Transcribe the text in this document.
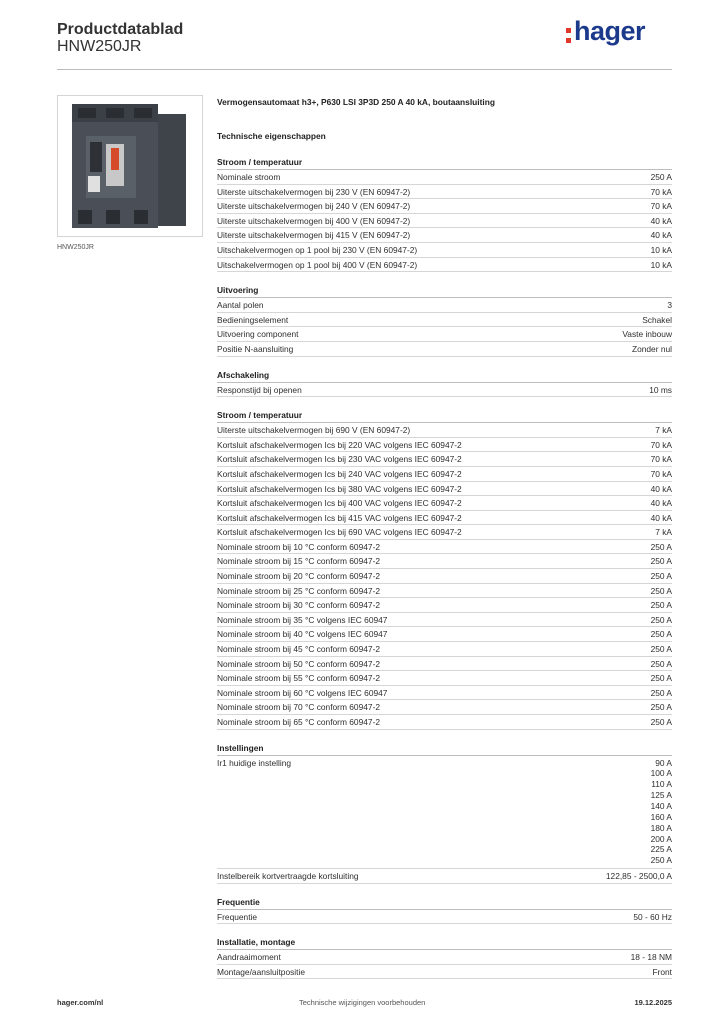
Productdatablad
HNW250JR
hager
HNW250JR

Vermogensautomaat h3+, P630 LSI 3P3D 250 A 40 kA, boutaansluiting

Technische eigenschappen
Stroom / temperatuur
Nominale stroom	250 A
Uiterste uitschakelvermogen bij 230 V (EN 60947-2)	70 kA
Uiterste uitschakelvermogen bij 240 V (EN 60947-2)	70 kA
Uiterste uitschakelvermogen bij 400 V (EN 60947-2)	40 kA
Uiterste uitschakelvermogen bij 415 V (EN 60947-2)	40 kA
Uitschakelvermogen op 1 pool bij 230 V (EN 60947-2)	10 kA
Uitschakelvermogen op 1 pool bij 400 V (EN 60947-2)	10 kA
Uitvoering
Aantal polen	3
Bedieningselement	Schakel
Uitvoering component	Vaste inbouw
Positie N-aansluiting	Zonder nul
Afschakeling
Responstijd bij openen	10 ms
Stroom / temperatuur
Uiterste uitschakelvermogen bij 690 V (EN 60947-2)	7 kA
Kortsluit afschakelvermogen Ics bij 220 VAC volgens IEC 60947-2	70 kA
Kortsluit afschakelvermogen Ics bij 230 VAC volgens IEC 60947-2	70 kA
Kortsluit afschakelvermogen Ics bij 240 VAC volgens IEC 60947-2	70 kA
Kortsluit afschakelvermogen Ics bij 380 VAC volgens IEC 60947-2	40 kA
Kortsluit afschakelvermogen Ics bij 400 VAC volgens IEC 60947-2	40 kA
Kortsluit afschakelvermogen Ics bij 415 VAC volgens IEC 60947-2	40 kA
Kortsluit afschakelvermogen Ics bij 690 VAC volgens IEC 60947-2	7 kA
Nominale stroom bij 10 °C conform 60947-2	250 A
Nominale stroom bij 15 °C conform 60947-2	250 A
Nominale stroom bij 20 °C conform 60947-2	250 A
Nominale stroom bij 25 °C conform 60947-2	250 A
Nominale stroom bij 30 °C conform 60947-2	250 A
Nominale stroom bij 35 °C volgens IEC 60947	250 A
Nominale stroom bij 40 °C volgens IEC 60947	250 A
Nominale stroom bij 45 °C conform 60947-2	250 A
Nominale stroom bij 50 °C conform 60947-2	250 A
Nominale stroom bij 55 °C conform 60947-2	250 A
Nominale stroom bij 60 °C volgens IEC 60947	250 A
Nominale stroom bij 70 °C conform 60947-2	250 A
Nominale stroom bij 65 °C conform 60947-2	250 A
Instellingen
Ir1 huidige instelling	90 A
100 A
110 A
125 A
140 A
160 A
180 A
200 A
225 A
250 A
Instelbereik kortvertraagde kortsluiting	122,85 - 2500,0 A
Frequentie
Frequentie	50 - 60 Hz
Installatie, montage
Aandraaimoment	18 - 18 NM
Montage/aansluitpositie	Front
hager.com/nl	Technische wijzigingen voorbehouden	19.12.2025
